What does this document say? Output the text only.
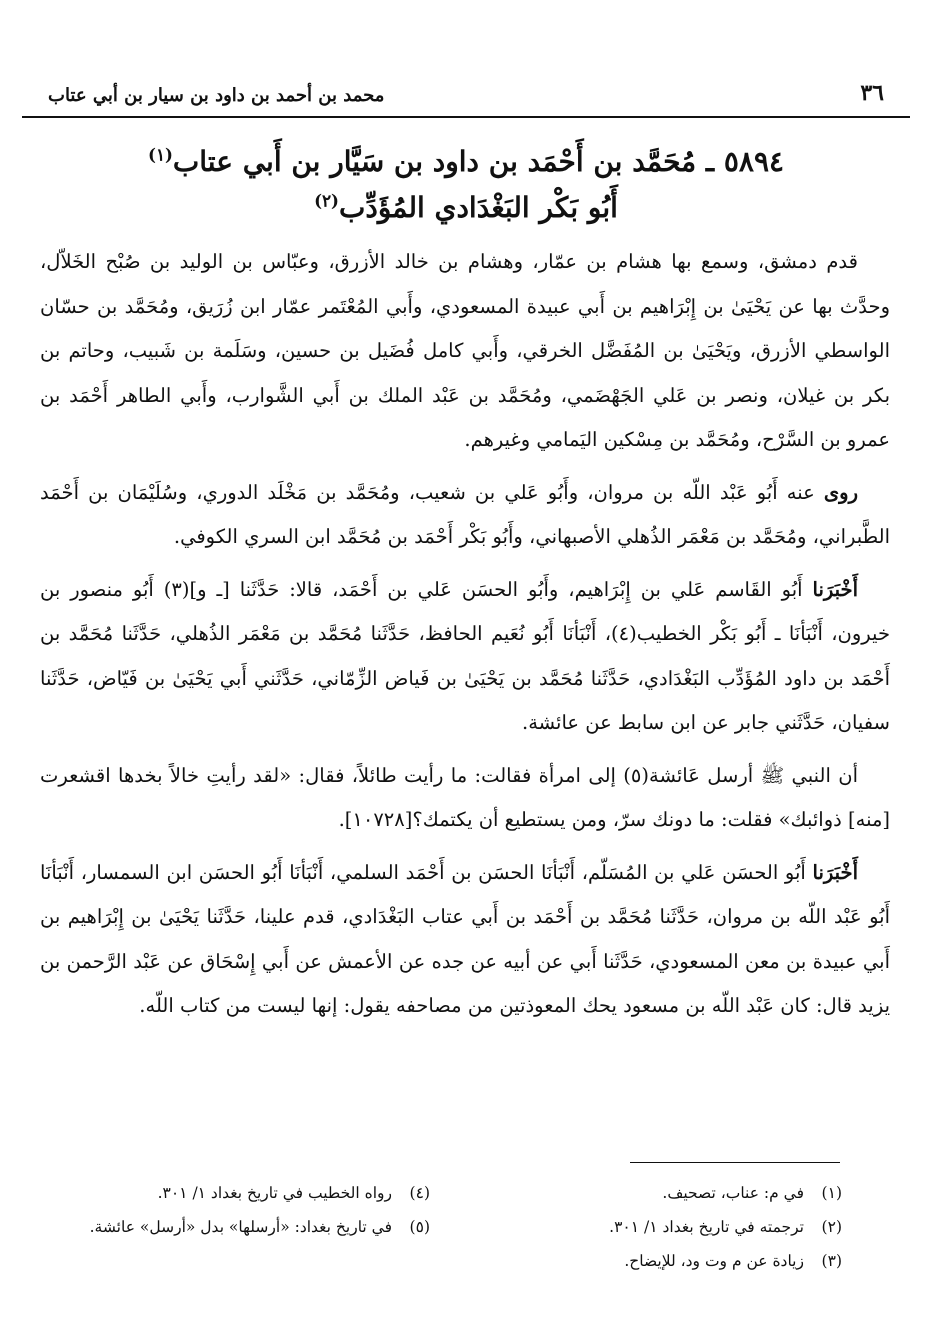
٣٦
محمد بن أحمد بن داود بن سيار بن أبي عتاب
٥٨٩٤ ـ مُحَمَّد بن أَحْمَد بن داود بن سَيَّار بن أَبي عتاب$^{(١)}$
أَبُو بَكْر البَغْدَادي المُؤَدِّب$^{(٢)}$

قدم دمشق، وسمع بها هشام بن عمّار، وهشام بن خالد الأزرق، وعبّاس بن الوليد بن صُبْح الخَلاّل، وحدَّث بها عن يَحْيَىٰ بن إِبْرَاهيم بن أَبي عبيدة المسعودي، وأَبي المُعْتَمر عمّار ابن زُرَيق، ومُحَمَّد بن حسّان الواسطي الأزرق، ويَحْيَىٰ بن المُفَضَّل الخرقي، وأَبي كامل فُضَيل بن حسين، وسَلَمة بن شَبيب، وحاتم بن بكر بن غيلان، ونصر بن عَلي الجَهْضَمي، ومُحَمَّد بن عَبْد الملك بن أَبي الشَّوارب، وأَبي الطاهر أَحْمَد بن عمرو بن السَّرْح، ومُحَمَّد بن مِسْكين اليَمامي وغيرهم.

روى عنه أَبُو عَبْد اللّه بن مروان، وأَبُو عَلي بن شعيب، ومُحَمَّد بن مَخْلَد الدوري، وسُلَيْمَان بن أَحْمَد الطَّبراني، ومُحَمَّد بن مَعْمَر الذُهلي الأصبهاني، وأَبُو بَكْر أَحْمَد بن مُحَمَّد ابن السري الكوفي.

أَخْبَرَنا أَبُو القَاسم عَلي بن إِبْرَاهيم، وأَبُو الحسَن عَلي بن أَحْمَد، قالا: حَدَّثَنا [ـ و](٣) أَبُو منصور بن خيرون، أَنْبَأنَا ـ أَبُو بَكْر الخطيب(٤)، أَنْبَأنَا أَبُو نُعَيم الحافظ، حَدَّثَنا مُحَمَّد بن مَعْمَر الذُهلي، حَدَّثَنا مُحَمَّد بن أَحْمَد بن داود المُؤَدِّب البَغْدَادي، حَدَّثَنا مُحَمَّد بن يَحْيَىٰ بن فَياض الزِّمّاني، حَدَّثَني أَبي يَحْيَىٰ بن فَيّاض، حَدَّثَنا سفيان، حَدَّثَني جابر عن ابن سابط عن عائشة.

أن النبي ﷺ أرسل عَائشة(٥) إلى امرأة فقالت: ما رأيت طائلاً، فقال: «لقد رأيتِ خالاً بخدها اقشعرت [منه] ذوائبك» فقلت: ما دونك سرّ، ومن يستطيع أن يكتمك؟[١٠٧٢٨].

أَخْبَرَنا أَبُو الحسَن عَلي بن المُسَلّم، أَنْبَأنَا الحسَن بن أَحْمَد السلمي، أَنْبَأنَا أَبُو الحسَن ابن السمسار، أَنْبَأنَا أَبُو عَبْد اللّه بن مروان، حَدَّثَنا مُحَمَّد بن أَحْمَد بن أَبي عتاب البَغْدَادي، قدم علينا، حَدَّثَنا يَحْيَىٰ بن إِبْرَاهيم بن أَبي عبيدة بن معن المسعودي، حَدَّثَنا أَبي عن أبيه عن جده عن الأعمش عن أَبي إِسْحَاق عن عَبْد الرَّحمن بن يزيد قال: كان عَبْد اللّه بن مسعود يحك المعوذتين من مصاحفه يقول: إنها ليست من كتاب اللّه.

(١)في م: عناب، تصحيف.
(٢)ترجمته في تاريخ بغداد ١/ ٣٠١.
(٣)زيادة عن م وت ود، للإيضاح.
(٤)رواه الخطيب في تاريخ بغداد ١/ ٣٠١.
(٥)في تاريخ بغداد: «أرسلها» بدل «أرسل» عائشة.
